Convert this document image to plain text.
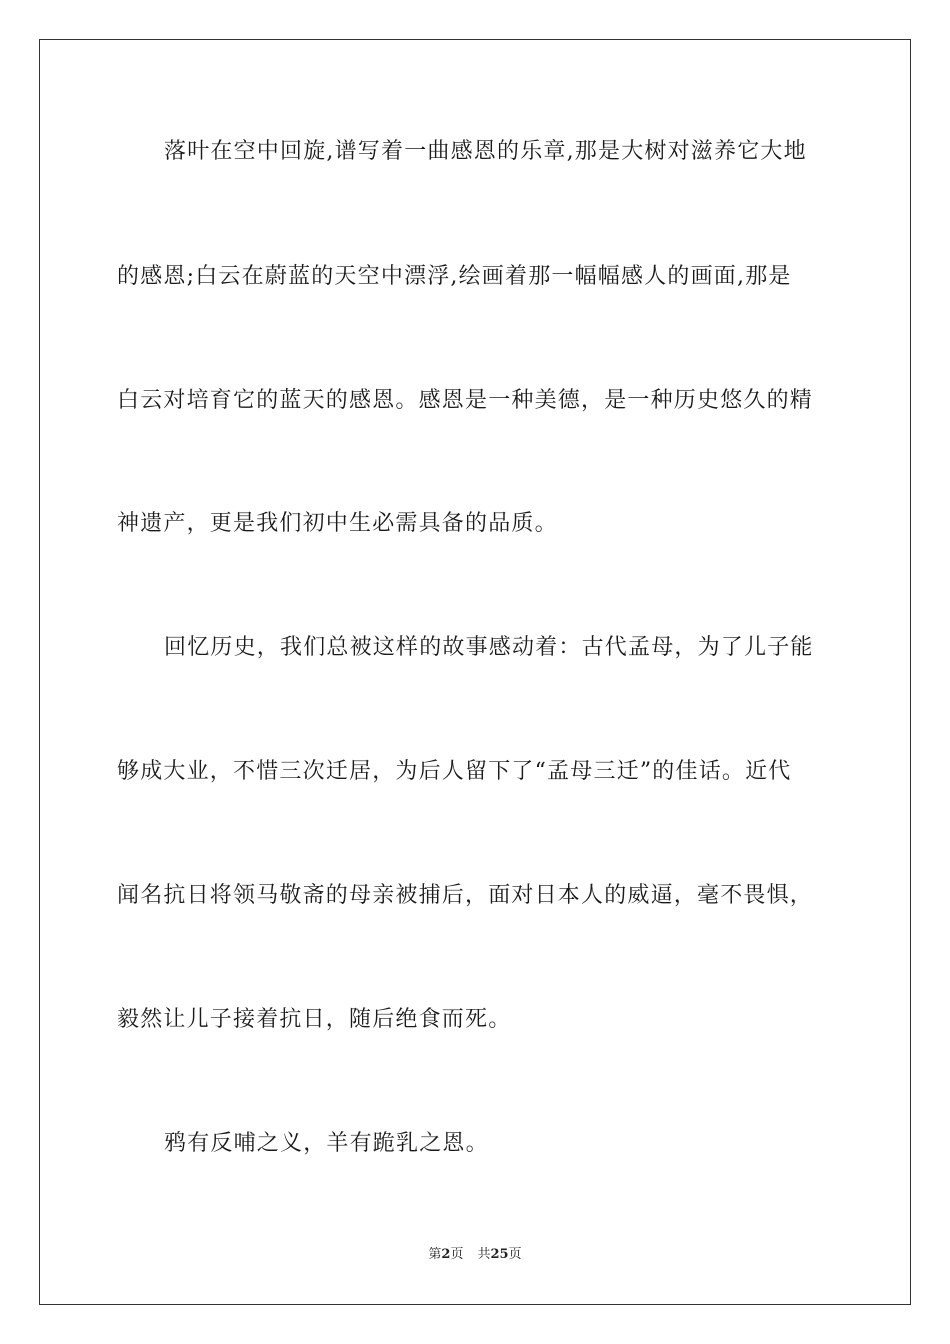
落叶在空中回旋,谱写着一曲感恩的乐章,那是大树对滋养它大地
的感恩;白云在蔚蓝的天空中漂浮,绘画着那一幅幅感人的画面,那是
白云对培育它的蓝天的感恩。感恩是一种美德，是一种历史悠久的精
神遗产，更是我们初中生必需具备的品质。
回忆历史，我们总被这样的故事感动着：古代孟母，为了儿子能
够成大业，不惜三次迁居，为后人留下了“孟母三迁”的佳话。近代
闻名抗日将领马敬斋的母亲被捕后，面对日本人的威逼，毫不畏惧，
毅然让儿子接着抗日，随后绝食而死。
鸦有反哺之义，羊有跪乳之恩。
第2页 共25页
